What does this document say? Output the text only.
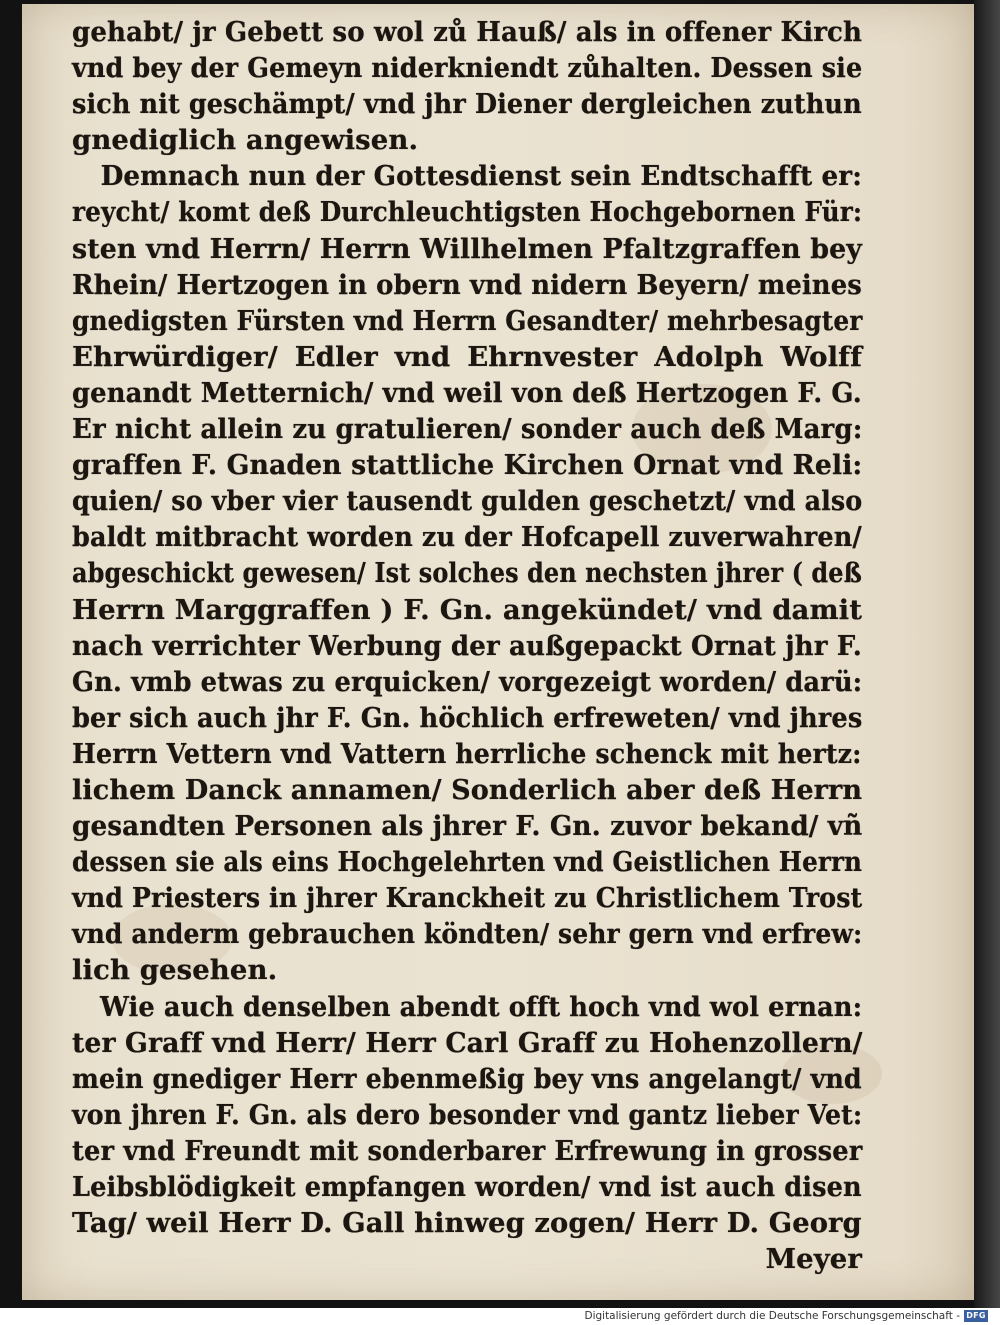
gehabt/ jr Gebett so wol zů Hauß/ als in offener Kirch
vnd bey der Gemeyn niderkniendt zůhalten. Dessen sie
sich nit geschämpt/ vnd jhr Diener dergleichen zuthun
gnediglich angewisen.
Demnach nun der Gottesdienst sein Endtschafft er:
reycht/ komt deß Durchleuchtigsten Hochgebornen Für:
sten vnd Herrn/ Herrn Willhelmen Pfaltzgraffen bey
Rhein/ Hertzogen in obern vnd nidern Beyern/ meines
gnedigsten Fürsten vnd Herrn Gesandter/ mehrbesagter
Ehrwürdiger/ Edler vnd Ehrnvester Adolph Wolff
genandt Metternich/ vnd weil von deß Hertzogen F. G.
Er nicht allein zu gratulieren/ sonder auch deß Marg:
graffen F. Gnaden stattliche Kirchen Ornat vnd Reli:
quien/ so vber vier tausendt gulden geschetzt/ vnd also
baldt mitbracht worden zu der Hofcapell zuverwahren/
abgeschickt gewesen/ Ist solches den nechsten jhrer ( deß
Herrn Marggraffen ) F. Gn. angekündet/ vnd damit
nach verrichter Werbung der außgepackt Ornat jhr F.
Gn. vmb etwas zu erquicken/ vorgezeigt worden/ darü:
ber sich auch jhr F. Gn. höchlich erfreweten/ vnd jhres
Herrn Vettern vnd Vattern herrliche schenck mit hertz:
lichem Danck annamen/ Sonderlich aber deß Herrn
gesandten Personen als jhrer F. Gn. zuvor bekand/ vñ
dessen sie als eins Hochgelehrten vnd Geistlichen Herrn
vnd Priesters in jhrer Kranckheit zu Christlichem Trost
vnd anderm gebrauchen köndten/ sehr gern vnd erfrew:
lich gesehen.
Wie auch denselben abendt offt hoch vnd wol ernan:
ter Graff vnd Herr/ Herr Carl Graff zu Hohenzollern/
mein gnediger Herr ebenmeßig bey vns angelangt/ vnd
von jhren F. Gn. als dero besonder vnd gantz lieber Vet:
ter vnd Freundt mit sonderbarer Erfrewung in grosser
Leibsblödigkeit empfangen worden/ vnd ist auch disen
Tag/ weil Herr D. Gall hinweg zogen/ Herr D. Georg
Meyer
Digitalisierung gefördert durch die Deutsche Forschungsgemeinschaft - DFG
